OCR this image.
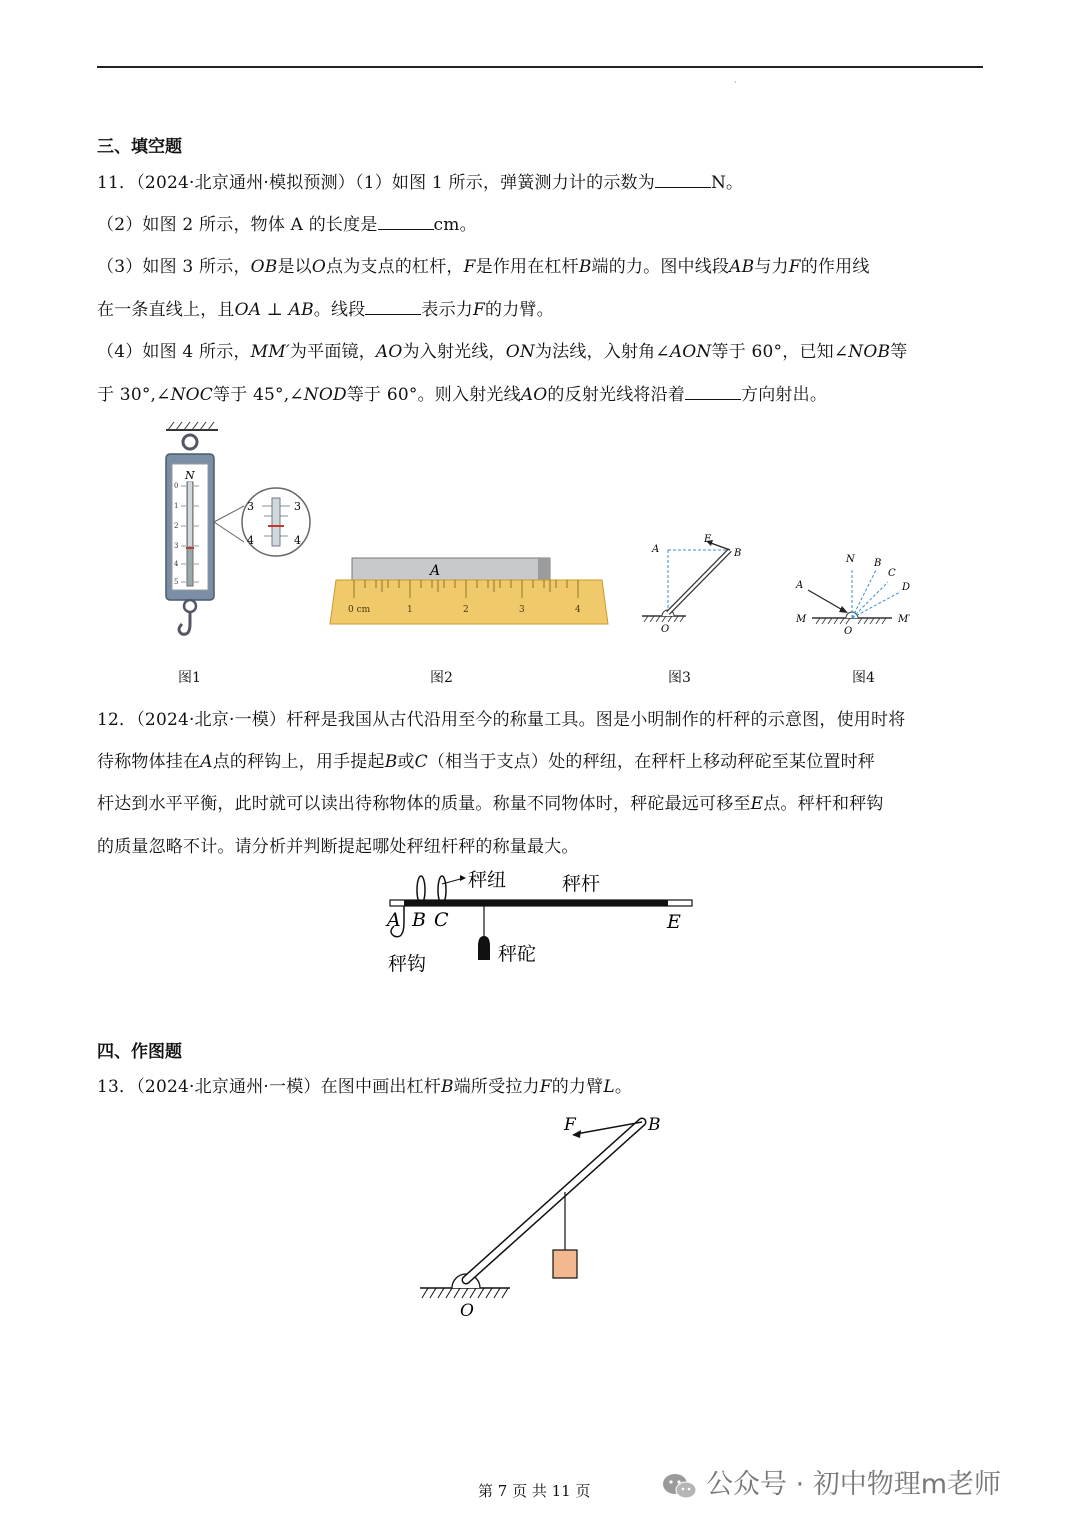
·
三、填空题
11．（2024·北京通州·模拟预测）（1）如图 1 所示，弹簧测力计的示数为	N。
（2）如图 2 所示，物体 A 的长度是	cm。
（3）如图 3 所示，OB是以O点为支点的杠杆，F是作用在杠杆B端的力。图中线段AB与力F的作用线
在一条直线上，且OA ⊥ AB。线段	表示力F的力臂。
（4）如图 4 所示，MM′为平面镜，AO为入射光线，ON为法线，入射角∠AON等于 60°，已知∠NOB等
于 30°,∠NOC等于 45°,∠NOD等于 60°。则入射光线AO的反射光线将沿着	方向射出。
N
0
1
2
3
4
5
3	3
4	4
A
0 cm	1	2	3	4
A
F
B
O
N B
C
D
A
M
O
M′
图1	图2	图3	图4
12．（2024·北京·一模）杆秤是我国从古代沿用至今的称量工具。图是小明制作的杆秤的示意图，使用时将
待称物体挂在A点的秤钩上，用手提起B或C（相当于支点）处的秤纽，在秤杆上移动秤砣至某位置时秤
杆达到水平平衡，此时就可以读出待称物体的质量。称量不同物体时，秤砣最远可移至E点。秤杆和秤钩
的质量忽略不计。请分析并判断提起哪处秤纽杆秤的称量最大。
秤纽	秤杆
秤钩	秤砣
A B C	E
四、作图题
13．（2024·北京通州·一模）在图中画出杠杆B端所受拉力F的力臂L。
F	B
O
第 7 页 共 11 页	公众号 · 初中物理m老师
